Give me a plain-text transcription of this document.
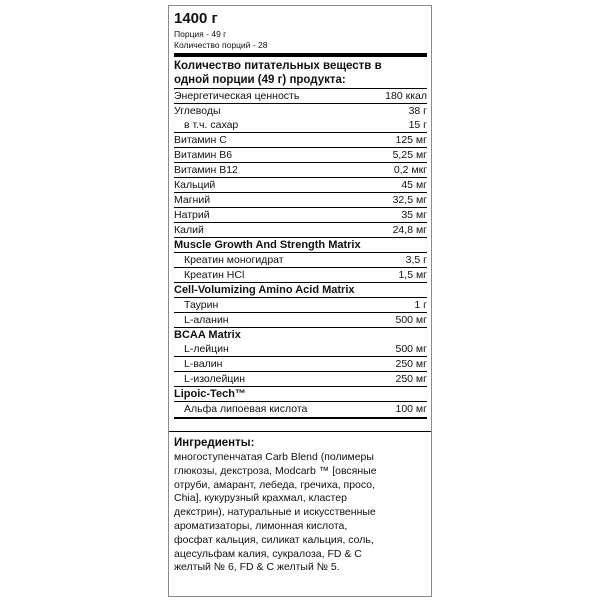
1400 г
Порция - 49 г
Количество порций - 28
Количество питательных веществ в
одной порции (49 г) продукта:
Энергетическая ценность	180 ккал
Углеводы	38 г
в т.ч. сахар	15 г
Витамин С	125 мг
Витамин В6	5,25 мг
Витамин В12	0,2 мкг
Кальций	45 мг
Магний	32,5 мг
Натрий	35 мг
Калий	24,8 мг
Muscle Growth And Strength Matrix
Креатин моногидрат	3,5 г
Креатин HCl	1,5 мг
Cell-Volumizing Amino Acid Matrix
Таурин	1 г
L-аланин	500 мг
BCAA Matrix
L-лейцин	500 мг
L-валин	250 мг
L-изолейцин	250 мг
Lipoic-Tech™
Альфа липоевая кислота	100 мг
Ингредиенты:
многоступенчатая Carb Blend (полимеры
глюкозы, декстроза, Modcarb ™ [овсяные
отруби, амарант, лебеда, гречиха, просо,
Chia], кукурузный крахмал, кластер
декстрин), натуральные и искусственные
ароматизаторы, лимонная кислота,
фосфат кальция, силикат кальция, соль,
ацесульфам калия, сукралоза, FD & C
желтый № 6, FD & C желтый № 5.
